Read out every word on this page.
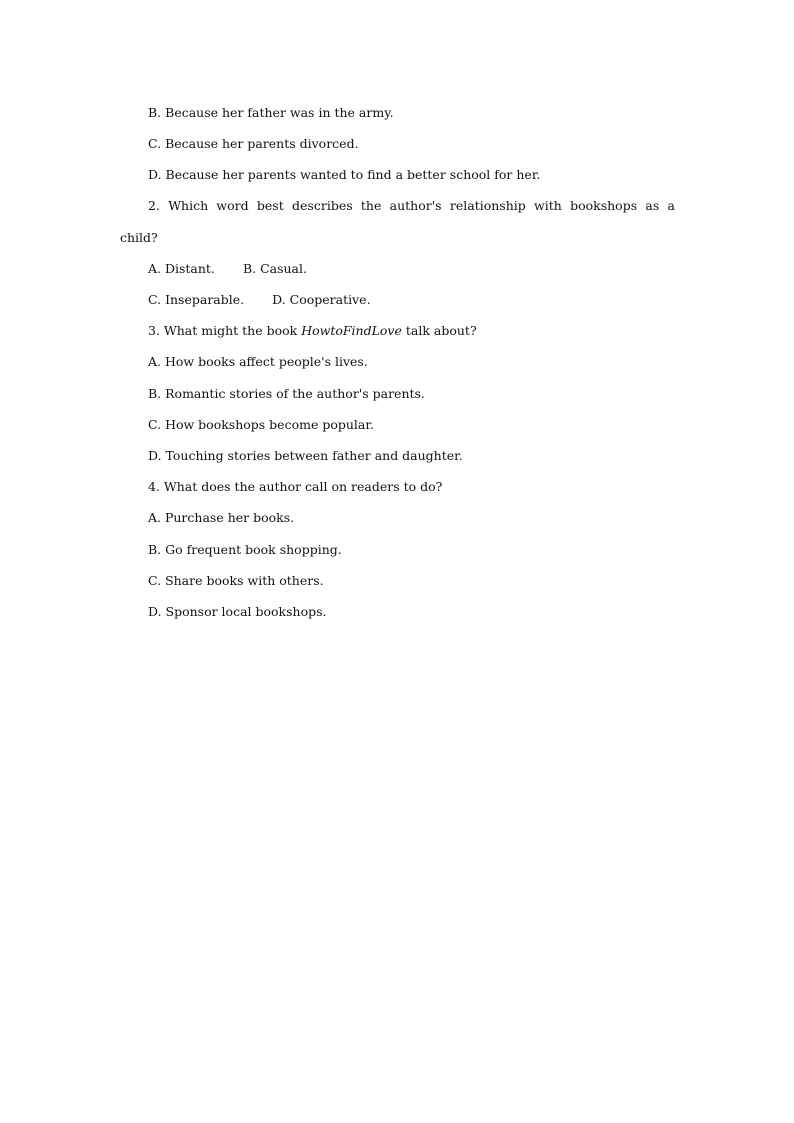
B. Because her father was in the army.
C. Because her parents divorced.
D. Because her parents wanted to find a better school for her.
2. Which word best describes the author's relationship with bookshops as a
child?
A. Distant. B. Casual.
C. Inseparable. D. Cooperative.
3. What might the book HowtoFindLove talk about?
A. How books affect people's lives.
B. Romantic stories of the author's parents.
C. How bookshops become popular.
D. Touching stories between father and daughter.
4. What does the author call on readers to do?
A. Purchase her books.
B. Go frequent book shopping.
C. Share books with others.
D. Sponsor local bookshops.
